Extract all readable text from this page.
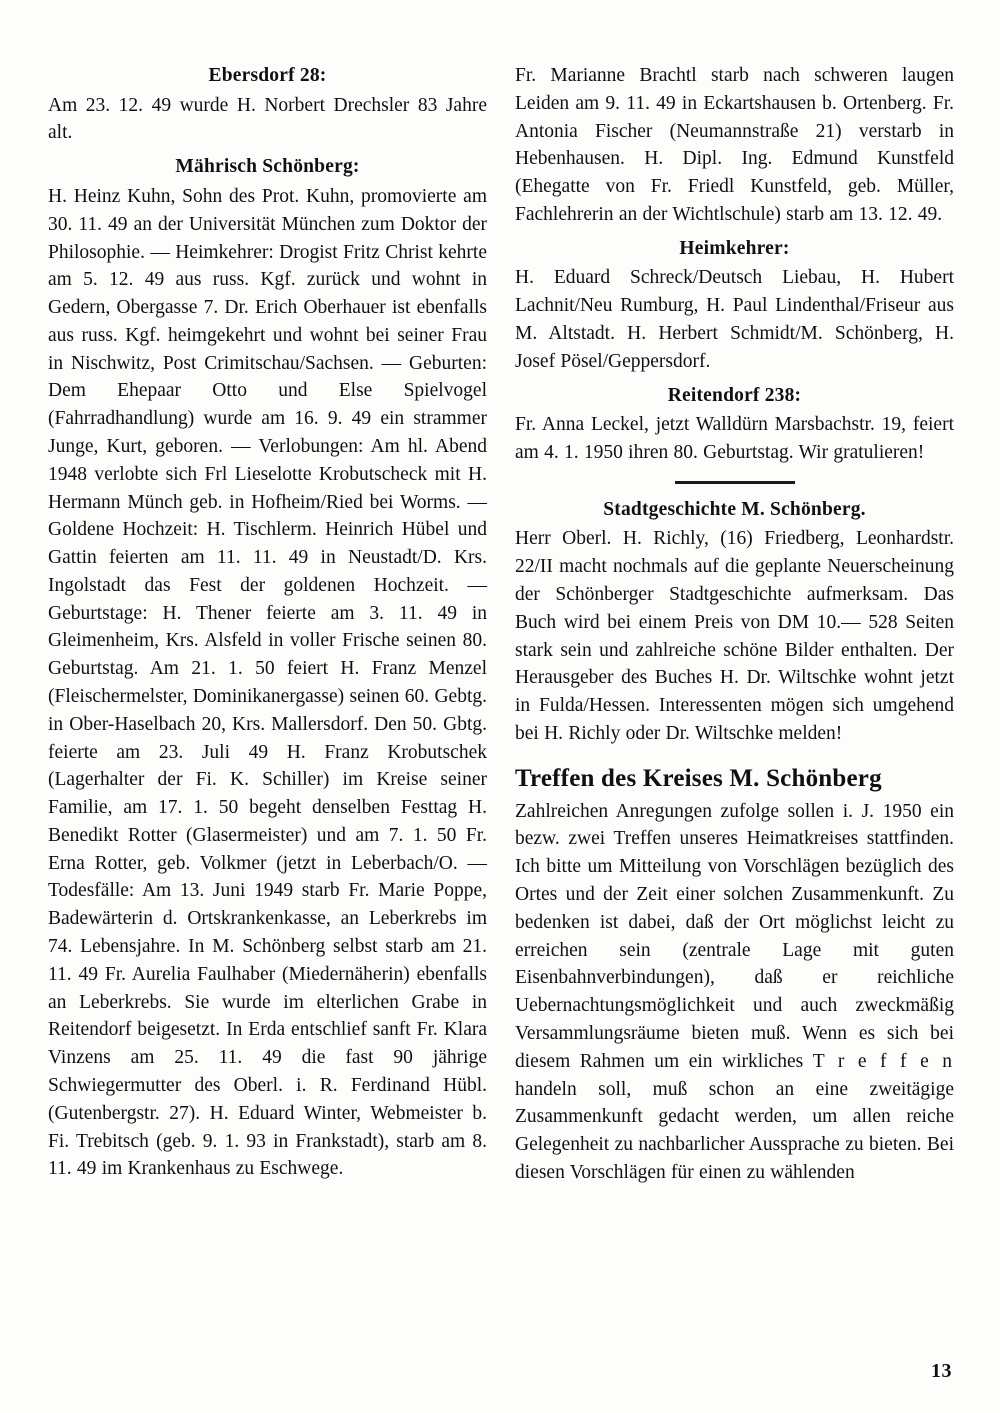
Ebersdorf 28:

Am 23. 12. 49 wurde H. Norbert Drechsler 83 Jahre alt.

Mährisch Schönberg:

H. Heinz Kuhn, Sohn des Prot. Kuhn, promovierte am 30. 11. 49 an der Universität München zum Doktor der Philosophie. — Heimkehrer: Drogist Fritz Christ kehrte am 5. 12. 49 aus russ. Kgf. zurück und wohnt in Gedern, Obergasse 7. Dr. Erich Oberhauer ist ebenfalls aus russ. Kgf. heimgekehrt und wohnt bei seiner Frau in Nischwitz, Post Crimitschau/Sachsen. — Geburten: Dem Ehepaar Otto und Else Spielvogel (Fahrradhandlung) wurde am 16. 9. 49 ein strammer Junge, Kurt, geboren. — Verlobungen: Am hl. Abend 1948 verlobte sich Frl Lieselotte Krobutscheck mit H. Hermann Münch geb. in Hofheim/Ried bei Worms. — Goldene Hochzeit: H. Tischlerm. Heinrich Hübel und Gattin feierten am 11. 11. 49 in Neustadt/D. Krs. Ingolstadt das Fest der goldenen Hochzeit. — Geburtstage: H. Thener feierte am 3. 11. 49 in Gleimenheim, Krs. Alsfeld in voller Frische seinen 80. Geburtstag. Am 21. 1. 50 feiert H. Franz Menzel (Fleischermelster, Dominikanergasse) seinen 60. Gebtg. in Ober-Haselbach 20, Krs. Mallersdorf. Den 50. Gbtg. feierte am 23. Juli 49 H. Franz Krobutschek (Lagerhalter der Fi. K. Schiller) im Kreise seiner Familie, am 17. 1. 50 begeht denselben Festtag H. Benedikt Rotter (Glasermeister) und am 7. 1. 50 Fr. Erna Rotter, geb. Volkmer (jetzt in Leberbach/O. — Todesfälle: Am 13. Juni 1949 starb Fr. Marie Poppe, Badewärterin d. Ortskrankenkasse, an Leberkrebs im 74. Lebensjahre. In M. Schönberg selbst starb am 21. 11. 49 Fr. Aurelia Faulhaber (Miedernäherin) ebenfalls an Leberkrebs. Sie wurde im elterlichen Grabe in Reitendorf beigesetzt. In Erda entschlief sanft Fr. Klara Vinzens am 25. 11. 49 die fast 90 jährige Schwiegermutter des Oberl. i. R. Ferdinand Hübl. (Gutenbergstr. 27). H. Eduard Winter, Webmeister b. Fi. Trebitsch (geb. 9. 1. 93 in Frankstadt), starb am 8. 11. 49 im Krankenhaus zu Eschwege.

Fr. Marianne Brachtl starb nach schweren laugen Leiden am 9. 11. 49 in Eckartshausen b. Ortenberg. Fr. Antonia Fischer (Neumannstraße 21) verstarb in Hebenhausen. H. Dipl. Ing. Edmund Kunstfeld (Ehegatte von Fr. Friedl Kunstfeld, geb. Müller, Fachlehrerin an der Wichtlschule) starb am 13. 12. 49.

Heimkehrer:

H. Eduard Schreck/Deutsch Liebau, H. Hubert Lachnit/Neu Rumburg, H. Paul Lindenthal/Friseur aus M. Altstadt. H. Herbert Schmidt/M. Schönberg, H. Josef Pösel/Geppersdorf.

Reitendorf 238:

Fr. Anna Leckel, jetzt Walldürn Marsbachstr. 19, feiert am 4. 1. 1950 ihren 80. Geburtstag. Wir gratulieren!

Stadtgeschichte M. Schönberg.

Herr Oberl. H. Richly, (16) Friedberg, Leonhardstr. 22/II macht nochmals auf die geplante Neuerscheinung der Schönberger Stadtgeschichte aufmerksam. Das Buch wird bei einem Preis von DM 10.— 528 Seiten stark sein und zahlreiche schöne Bilder enthalten. Der Herausgeber des Buches H. Dr. Wiltschke wohnt jetzt in Fulda/Hessen. Interessenten mögen sich umgehend bei H. Richly oder Dr. Wiltschke melden!

Treffen des Kreises M. Schönberg

Zahlreichen Anregungen zufolge sollen i. J. 1950 ein bezw. zwei Treffen unseres Heimatkreises stattfinden. Ich bitte um Mitteilung von Vorschlägen bezüglich des Ortes und der Zeit einer solchen Zusammenkunft. Zu bedenken ist dabei, daß der Ort möglichst leicht zu erreichen sein (zentrale Lage mit guten Eisenbahnverbindungen), daß er reichliche Uebernachtungsmöglichkeit und auch zweckmäßig Versammlungsräume bieten muß. Wenn es sich bei diesem Rahmen um ein wirkliches T r e f f e n handeln soll, muß schon an eine zweitägige Zusammenkunft gedacht werden, um allen reiche Gelegenheit zu nachbarlicher Aussprache zu bieten. Bei diesen Vorschlägen für einen zu wählenden

13
